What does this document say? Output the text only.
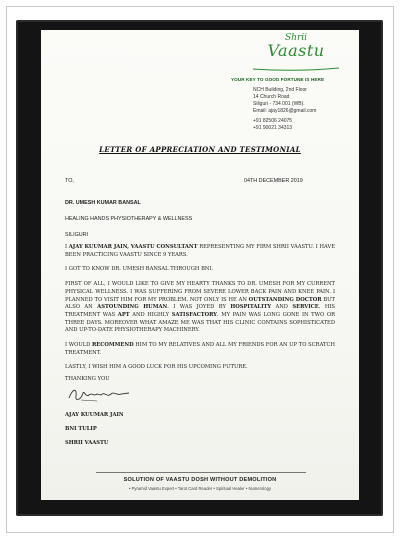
Shrii
Vaastu
YOUR KEY TO GOOD FORTUNE IS HERE
NCH Building, 2nd Floor
14 Church Road
Siliguri - 734 001 (WB).
Email: ajay1826@gmail.com
+91 82506 24075
+91 90021 34313
LETTER OF APPRECIATION AND TESTIMONIAL
TO,	04TH DECEMBER 2019
DR. UMESH KUMAR BANSAL
HEALING HANDS PHYSIOTHERAPY & WELLNESS
SILIGURI

I AJAY KUUMAR JAIN, VAASTU CONSULTANT REPRESENTING MY FIRM SHRII VAASTU. I HAVE BEEN PRACTICING VAASTU SINCE 9 YEARS.

I GOT TO KNOW DR. UMESH BANSAL THROUGH BNI.

FIRST OF ALL, I WOULD LIKE TO GIVE MY HEARTY THANKS TO DR. UMESH FOR MY CURRENT PHYSICAL WELLNESS. I WAS SUFFERING FROM SEVERE LOWER BACK PAIN AND KNEE PAIN. I PLANNED TO VISIT HIM FOR MY PROBLEM. NOT ONLY IS HE AN OUTSTANDING DOCTOR BUT ALSO AN ASTOUNDING HUMAN. I WAS JOYED BY HOSPITALITY AND SERVICE. HIS TREATMENT WAS APT AND HIGHLY SATISFACTORY. MY PAIN WAS LONG GONE IN TWO OR THREE DAYS. MOREOVER WHAT AMAZE ME WAS THAT HIS CLINIC CONTAINS SOPHISTICATED AND UP-TO-DATE PHYSIOTHERAPY MACHINERY.

I WOULD RECOMMEND HIM TO MY RELATIVES AND ALL MY FRIENDS FOR AN UP TO SCRATCH TREATMENT.

LASTLY, I WISH HIM A GOOD LUCK FOR HIS UPCOMING FUTURE.

THANKING YOU
AJAY KUUMAR JAIN
BNI TULIP
SHRII VAASTU
SOLUTION OF VAASTU DOSH WITHOUT DEMOLITION
• Pyramid Vaastu Expert • Tarot Card Reader • Spiritual Healer • Numerology
